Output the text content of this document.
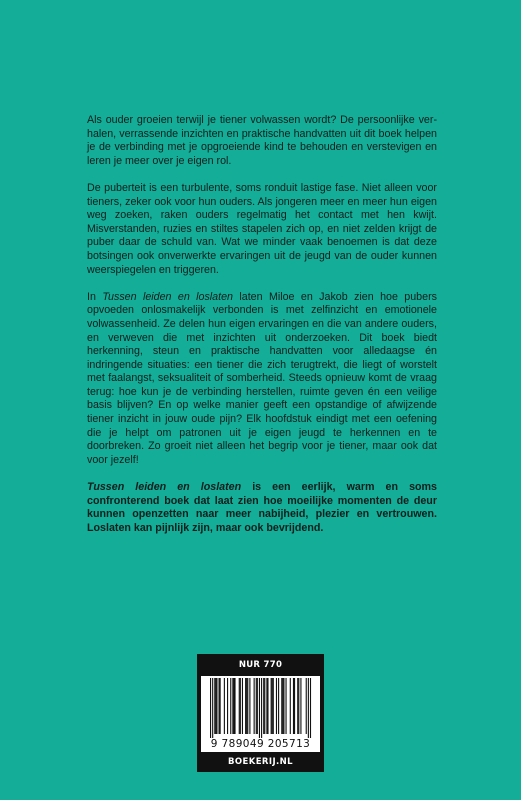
Als ouder groeien terwijl je tiener volwassen wordt? De persoonlijke verhalen, verrassende inzichten en praktische handvatten uit dit boek helpen je de verbinding met je opgroeiende kind te behouden en verstevigen en leren je meer over je eigen rol.

De puberteit is een turbulente, soms ronduit lastige fase. Niet alleen voor tieners, zeker ook voor hun ouders. Als jongeren meer en meer hun eigen weg zoeken, raken ouders regelmatig het contact met hen kwijt. Misverstanden, ruzies en stiltes stapelen zich op, en niet zelden krijgt de puber daar de schuld van. Wat we minder vaak benoemen is dat deze botsingen ook onverwerkte ervaringen uit de jeugd van de ouder kunnen weerspiegelen en triggeren.

In Tussen leiden en loslaten laten Miloe en Jakob zien hoe pubers opvoeden onlosmakelijk verbonden is met zelfinzicht en emotionele volwassenheid. Ze delen hun eigen ervaringen en die van andere ouders, en verweven die met inzichten uit onderzoeken. Dit boek biedt herkenning, steun en praktische handvatten voor alledaagse én indringende situaties: een tiener die zich terugtrekt, die liegt of worstelt met faalangst, seksualiteit of somberheid. Steeds opnieuw komt de vraag terug: hoe kun je de verbinding herstellen, ruimte geven én een veilige basis blijven? En op welke manier geeft een opstandige of afwijzende tiener inzicht in jouw oude pijn? Elk hoofdstuk eindigt met een oefening die je helpt om patronen uit je eigen jeugd te herkennen en te doorbreken. Zo groeit niet alleen het begrip voor je tiener, maar ook dat voor jezelf!

Tussen leiden en loslaten is een eerlijk, warm en soms confronterend boek dat laat zien hoe moeilijke momenten de deur kunnen openzetten naar meer nabijheid, plezier en vertrouwen. Loslaten kan pijnlijk zijn, maar ook bevrijdend.

NUR 770
9 789049 205713
BOEKERIJ.NL
